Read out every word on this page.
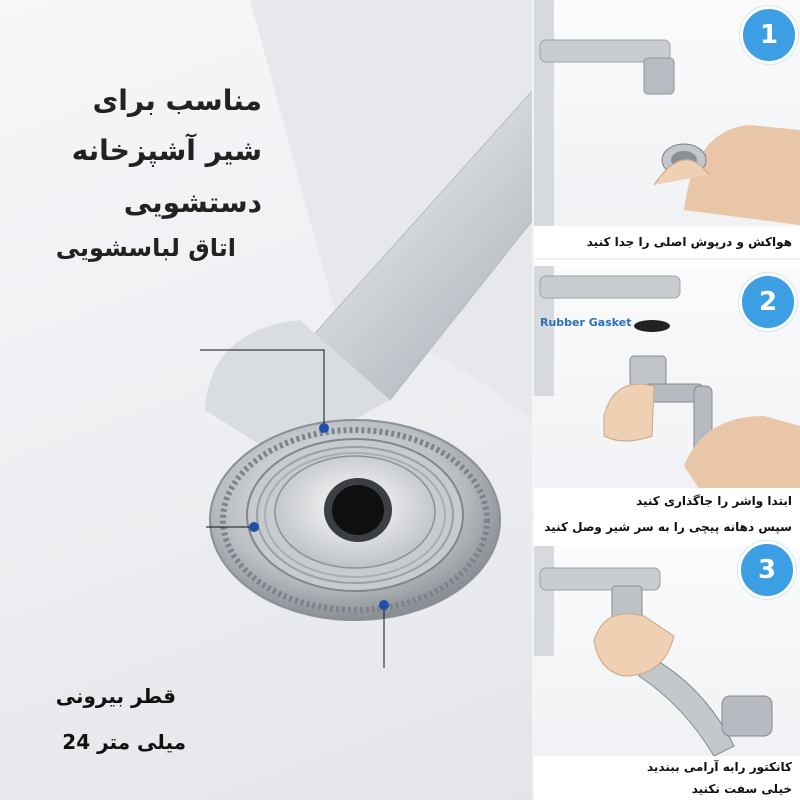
مناسب برای
شیر آشپزخانه
دستشویی
اتاق لباسشویی
قطر بیرونی
میلی متر 24
1
هواکش و درپوش اصلی را جدا کنید
Rubber Gasket
2
ابتدا واشر را جاگذاری کنید
سپس دهانه پیچی را به سر شیر وصل کنید
3
کانکتور رابه آرامی ببندید
خیلی سفت نکنید
